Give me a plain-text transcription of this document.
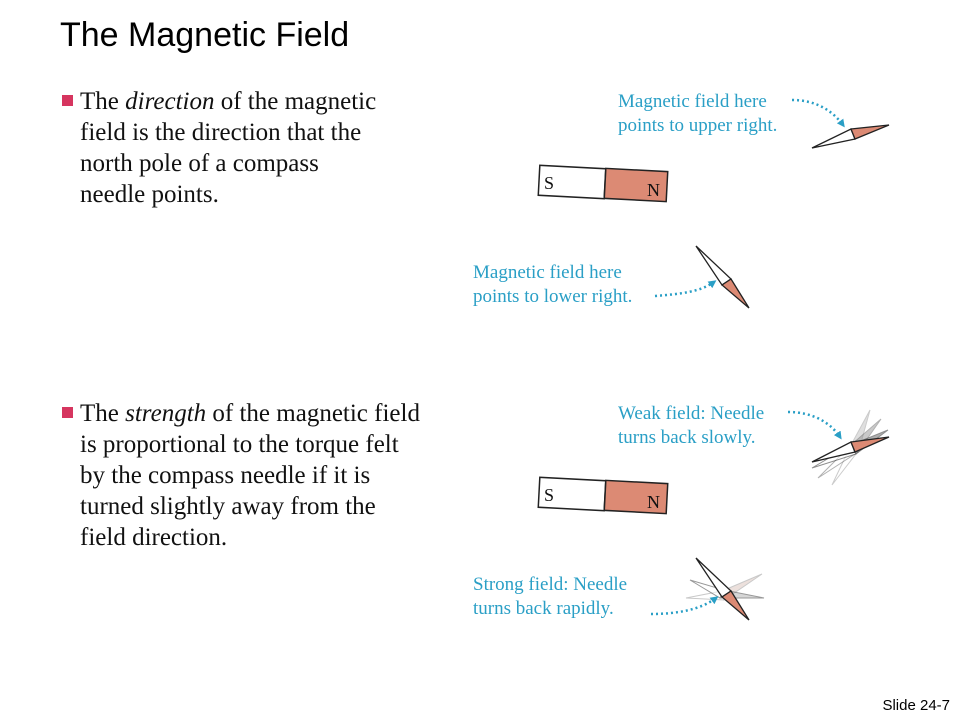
The Magnetic Field
The direction of the magnetic
field is the direction that the
north pole of a compass
needle points.
The strength of the magnetic field
is proportional to the torque felt
by the compass needle if it is
turned slightly away from the
field direction.
S	N
S	N
Magnetic field here
points to upper right.
Magnetic field here
points to lower right.
Weak field: Needle
turns back slowly.
Strong field: Needle
turns back rapidly.
Slide 24-7
